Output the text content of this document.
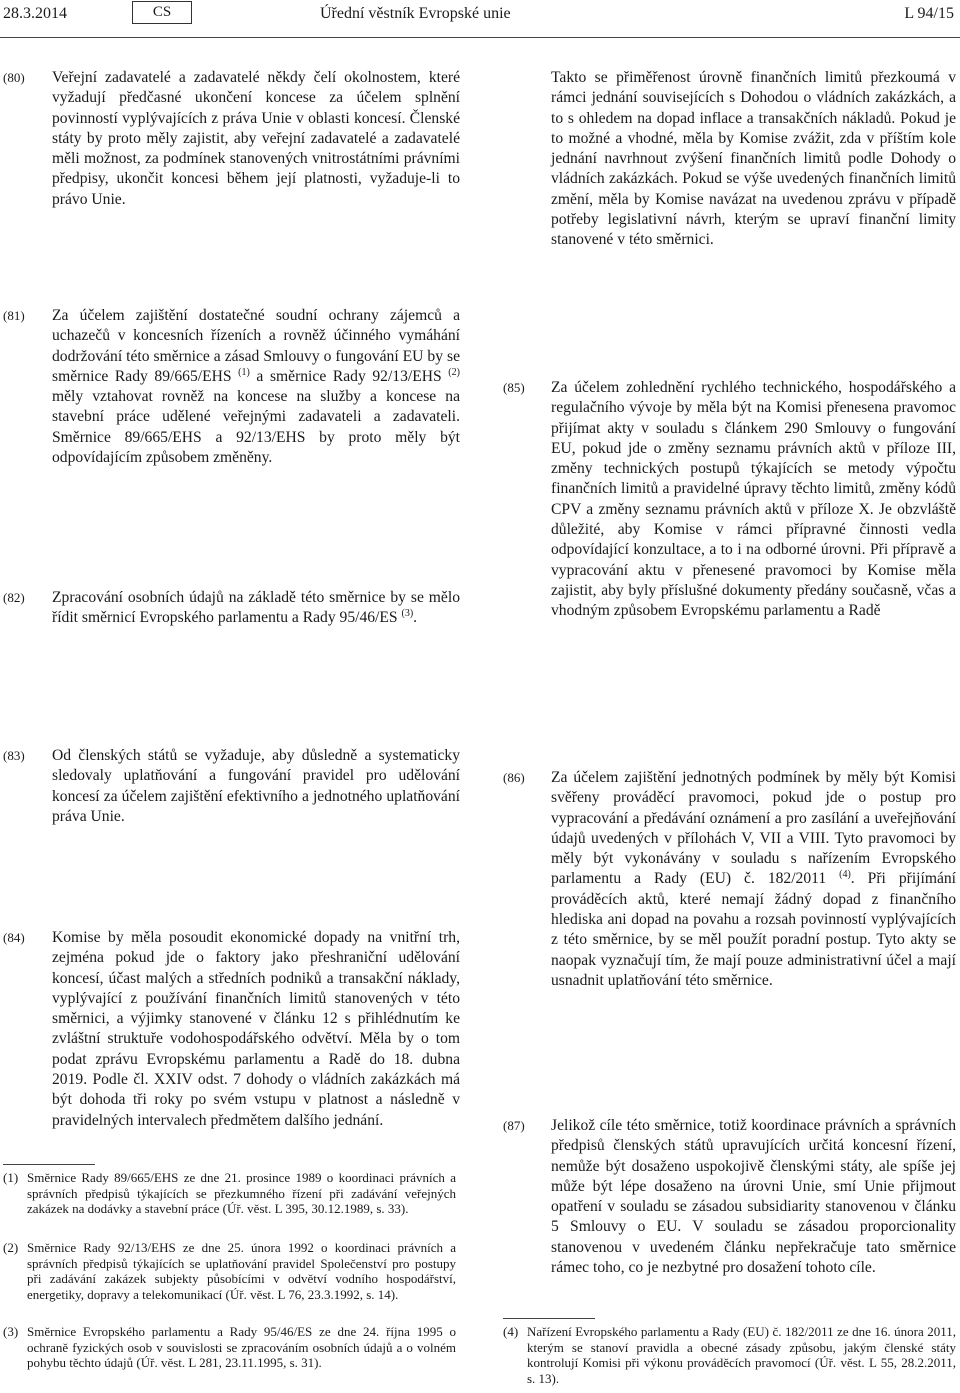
28.3.2014	CS	Úřední věstník Evropské unie	L 94/15
(80) Veřejní zadavatelé a zadavatelé někdy čelí okolnostem, které vyžadují předčasné ukončení koncese za účelem splnění povinností vyplývajících z práva Unie v oblasti koncesí. Členské státy by proto měly zajistit, aby veřejní zadavatelé a zadavatelé měli možnost, za podmínek stanovených vnitrostátními právními předpisy, ukončit koncesi během její platnosti, vyžaduje-li to právo Unie.
(81) Za účelem zajištění dostatečné soudní ochrany zájemců a uchazečů v koncesních řízeních a rovněž účinného vymáhání dodržování této směrnice a zásad Smlouvy o fungování EU by se směrnice Rady 89/665/EHS $^{(1)}$ a směrnice Rady 92/13/EHS $^{(2)}$ měly vztahovat rovněž na koncese na služby a koncese na stavební práce udělené veřejnými zadavateli a zadavateli. Směrnice 89/665/EHS a 92/13/EHS by proto měly být odpovídajícím způsobem změněny.
(82) Zpracování osobních údajů na základě této směrnice by se mělo řídit směrnicí Evropského parlamentu a Rady 95/46/ES $^{(3)}$.
(83) Od členských států se vyžaduje, aby důsledně a systematicky sledovaly uplatňování a fungování pravidel pro udělování koncesí za účelem zajištění efektivního a jednotného uplatňování práva Unie.
(84) Komise by měla posoudit ekonomické dopady na vnitřní trh, zejména pokud jde o faktory jako přeshraniční udělování koncesí, účast malých a středních podniků a transakční náklady, vyplývající z používání finančních limitů stanovených v této směrnici, a výjimky stanovené v článku 12 s přihlédnutím ke zvláštní struktuře vodohospodářského odvětví. Měla by o tom podat zprávu Evropskému parlamentu a Radě do 18. dubna 2019. Podle čl. XXIV odst. 7 dohody o vládních zakázkách má být dohoda tři roky po svém vstupu v platnost a následně v pravidelných intervalech předmětem dalšího jednání.
(1) Směrnice Rady 89/665/EHS ze dne 21. prosince 1989 o koordinaci právních a správních předpisů týkajících se přezkumného řízení při zadávání veřejných zakázek na dodávky a stavební práce (Úř. věst. L 395, 30.12.1989, s. 33).
(2) Směrnice Rady 92/13/EHS ze dne 25. února 1992 o koordinaci právních a správních předpisů týkajících se uplatňování pravidel Společenství pro postupy při zadávání zakázek subjekty působícími v odvětví vodního hospodářství, energetiky, dopravy a telekomunikací (Úř. věst. L 76, 23.3.1992, s. 14).
(3) Směrnice Evropského parlamentu a Rady 95/46/ES ze dne 24. října 1995 o ochraně fyzických osob v souvislosti se zpracováním osobních údajů a o volném pohybu těchto údajů (Úř. věst. L 281, 23.11.1995, s. 31).
Takto se přiměřenost úrovně finančních limitů přezkoumá v rámci jednání souvisejících s Dohodou o vládních zakázkách, a to s ohledem na dopad inflace a transakčních nákladů. Pokud je to možné a vhodné, měla by Komise zvážit, zda v příštím kole jednání navrhnout zvýšení finančních limitů podle Dohody o vládních zakázkách. Pokud se výše uvedených finančních limitů změní, měla by Komise navázat na uvedenou zprávu v případě potřeby legislativní návrh, kterým se upraví finanční limity stanovené v této směrnici.
(85) Za účelem zohlednění rychlého technického, hospodářského a regulačního vývoje by měla být na Komisi přenesena pravomoc přijímat akty v souladu s článkem 290 Smlouvy o fungování EU, pokud jde o změny seznamu právních aktů v příloze III, změny technických postupů týkajících se metody výpočtu finančních limitů a pravidelné úpravy těchto limitů, změny kódů CPV a změny seznamu právních aktů v příloze X. Je obzvláště důležité, aby Komise v rámci přípravné činnosti vedla odpovídající konzultace, a to i na odborné úrovni. Při přípravě a vypracování aktu v přenesené pravomoci by Komise měla zajistit, aby byly příslušné dokumenty předány současně, včas a vhodným způsobem Evropskému parlamentu a Radě
(86) Za účelem zajištění jednotných podmínek by měly být Komisi svěřeny prováděcí pravomoci, pokud jde o postup pro vypracování a předávání oznámení a pro zasílání a uveřejňování údajů uvedených v přílohách V, VII a VIII. Tyto pravomoci by měly být vykonávány v souladu s nařízením Evropského parlamentu a Rady (EU) č. 182/2011 $^{(4)}$. Při přijímání prováděcích aktů, které nemají žádný dopad z finančního hlediska ani dopad na povahu a rozsah povinností vyplývajících z této směrnice, by se měl použít poradní postup. Tyto akty se naopak vyznačují tím, že mají pouze administrativní účel a mají usnadnit uplatňování této směrnice.
(87) Jelikož cíle této směrnice, totiž koordinace právních a správních předpisů členských států upravujících určitá koncesní řízení, nemůže být dosaženo uspokojivě členskými státy, ale spíše jej může být lépe dosaženo na úrovni Unie, smí Unie přijmout opatření v souladu se zásadou subsidiarity stanovenou v článku 5 Smlouvy o EU. V souladu se zásadou proporcionality stanovenou v uvedeném článku nepřekračuje tato směrnice rámec toho, co je nezbytné pro dosažení tohoto cíle.
(4) Nařízení Evropského parlamentu a Rady (EU) č. 182/2011 ze dne 16. února 2011, kterým se stanoví pravidla a obecné zásady způsobu, jakým členské státy kontrolují Komisi při výkonu prováděcích pravomocí (Úř. věst. L 55, 28.2.2011, s. 13).
